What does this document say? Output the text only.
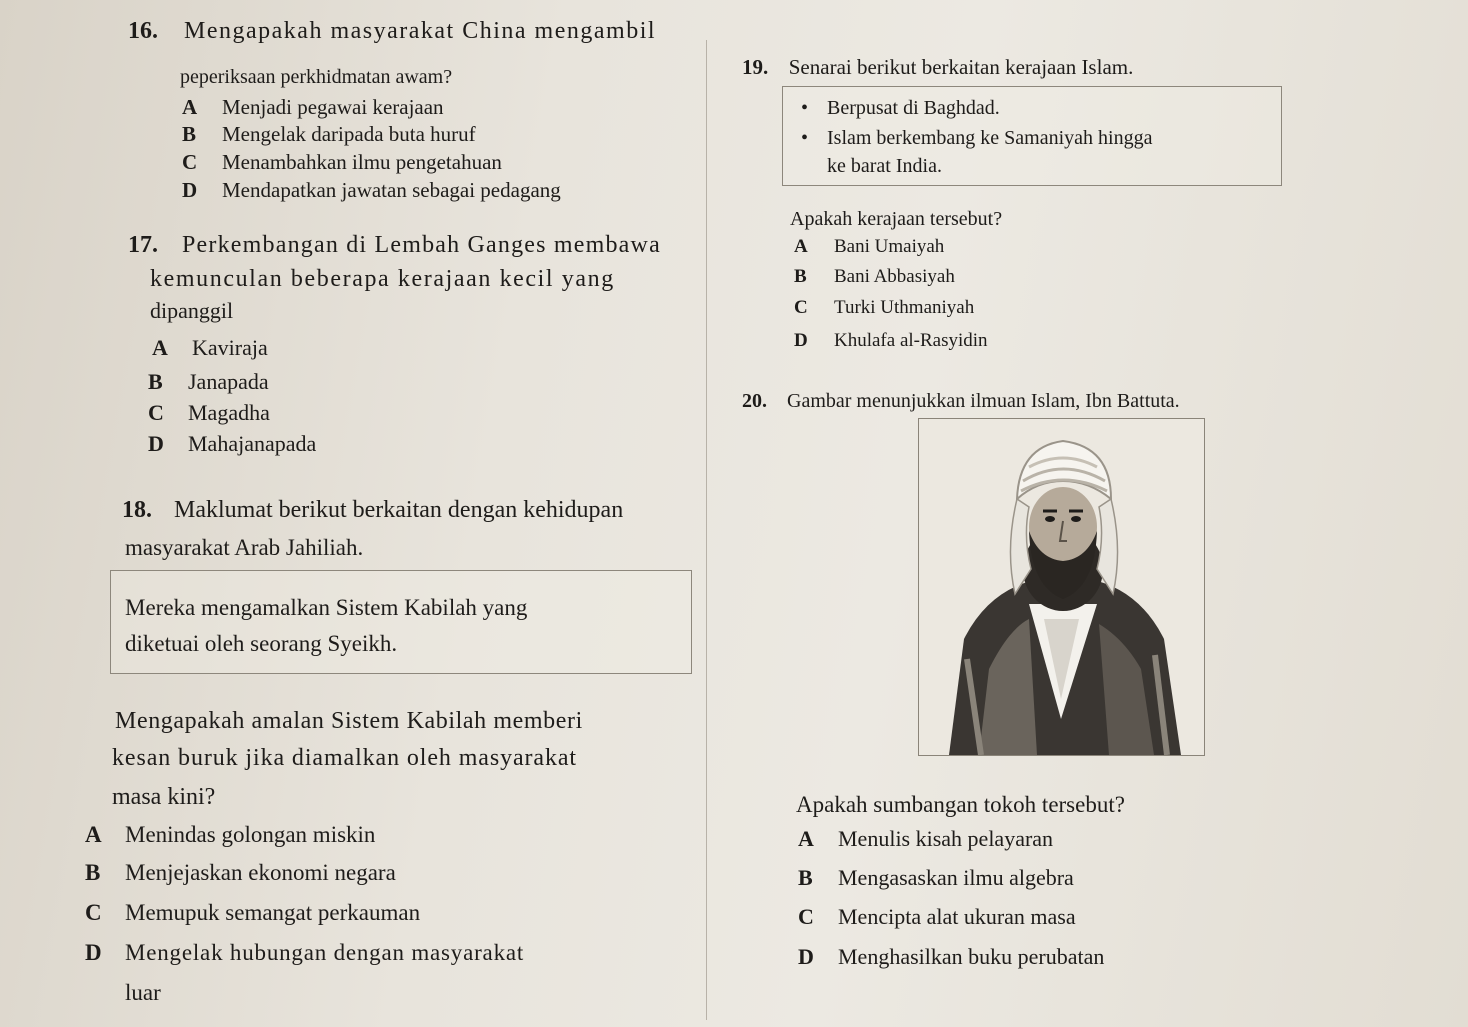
16. Mengapakah masyarakat China mengambil
peperiksaan perkhidmatan awam?
A Menjadi pegawai kerajaan
B Mengelak daripada buta huruf
C Menambahkan ilmu pengetahuan
D Mendapatkan jawatan sebagai pedagang
17. Perkembangan di Lembah Ganges membawa
kemunculan beberapa kerajaan kecil yang
dipanggil
A Kaviraja
B Janapada
C Magadha
D Mahajanapada
18. Maklumat berikut berkaitan dengan kehidupan
masyarakat Arab Jahiliah.
Mereka mengamalkan Sistem Kabilah yang
diketuai oleh seorang Syeikh.
Mengapakah amalan Sistem Kabilah memberi
kesan buruk jika diamalkan oleh masyarakat
masa kini?
A Menindas golongan miskin
B Menjejaskan ekonomi negara
C Memupuk semangat perkauman
D Mengelak hubungan dengan masyarakat
luar
19. Senarai berikut berkaitan kerajaan Islam.
• Berpusat di Baghdad.
• Islam berkembang ke Samaniyah hingga
ke barat India.
Apakah kerajaan tersebut?
A Bani Umaiyah
B Bani Abbasiyah
C Turki Uthmaniyah
D Khulafa al-Rasyidin
20. Gambar menunjukkan ilmuan Islam, Ibn Battuta.
Apakah sumbangan tokoh tersebut?
A Menulis kisah pelayaran
B Mengasaskan ilmu algebra
C Mencipta alat ukuran masa
D Menghasilkan buku perubatan
